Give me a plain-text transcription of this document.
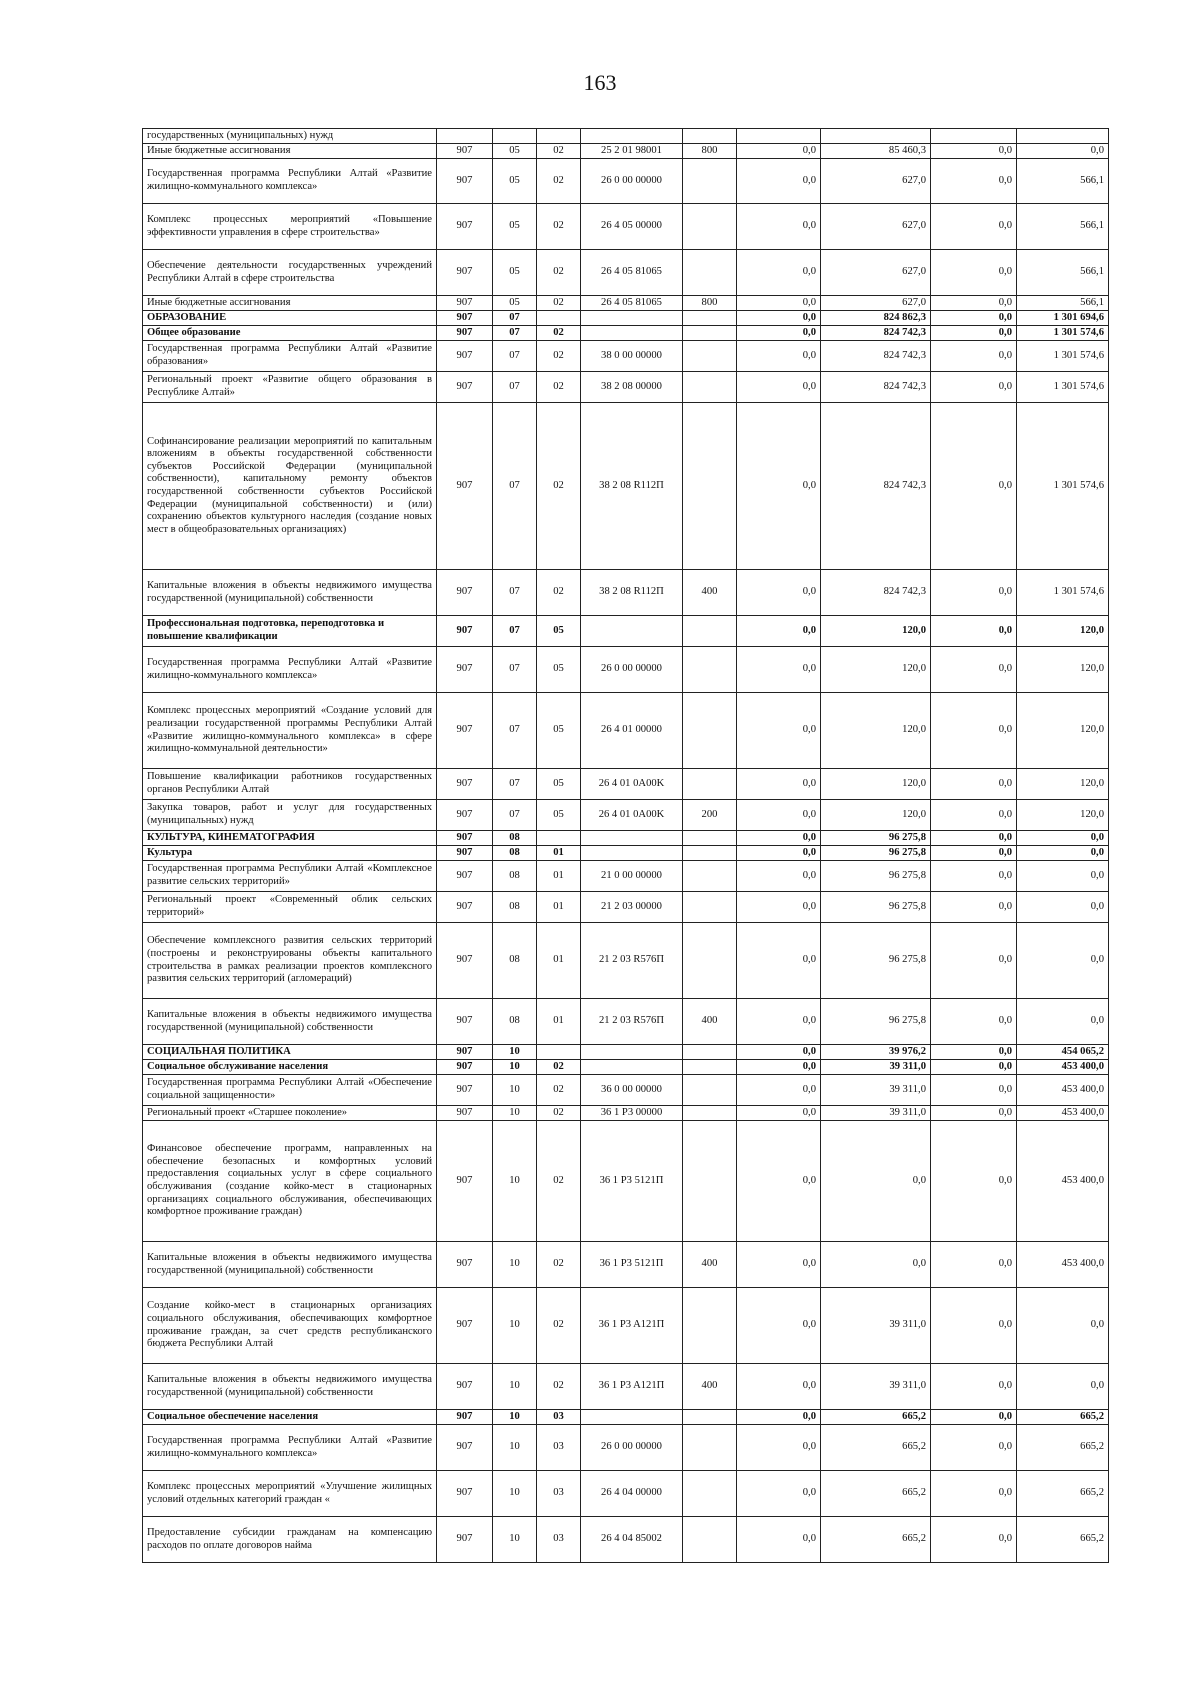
163
государственных (муниципальных) нужд									
Иные бюджетные ассигнования	907	05	02	25 2 01 98001	800	0,0	85 460,3	0,0	0,0
Государственная программа Республики Алтай «Развитие жилищно-коммунального комплекса»	907	05	02	26 0 00 00000		0,0	627,0	0,0	566,1
Комплекс процессных мероприятий «Повышение эффективности управления в сфере строительства»	907	05	02	26 4 05 00000		0,0	627,0	0,0	566,1
Обеспечение деятельности государственных учреждений Республики Алтай в сфере строительства	907	05	02	26 4 05 81065		0,0	627,0	0,0	566,1
Иные бюджетные ассигнования	907	05	02	26 4 05 81065	800	0,0	627,0	0,0	566,1
ОБРАЗОВАНИЕ	907	07				0,0	824 862,3	0,0	1 301 694,6
Общее образование	907	07	02			0,0	824 742,3	0,0	1 301 574,6
Государственная программа Республики Алтай «Развитие образования»	907	07	02	38 0 00 00000		0,0	824 742,3	0,0	1 301 574,6
Региональный проект «Развитие общего образования в Республике Алтай»	907	07	02	38 2 08 00000		0,0	824 742,3	0,0	1 301 574,6
Софинансирование реализации мероприятий по капитальным вложениям в объекты государственной собственности субъектов Российской Федерации (муниципальной собственности), капитальному ремонту объектов государственной собственности субъектов Российской Федерации (муниципальной собственности) и (или) сохранению объектов культурного наследия (создание новых мест в общеобразовательных организациях)	907	07	02	38 2 08 R112П		0,0	824 742,3	0,0	1 301 574,6
Капитальные вложения в объекты недвижимого имущества государственной (муниципальной) собственности	907	07	02	38 2 08 R112П	400	0,0	824 742,3	0,0	1 301 574,6
Профессиональная подготовка, переподготовка и повышение квалификации	907	07	05			0,0	120,0	0,0	120,0
Государственная программа Республики Алтай «Развитие жилищно-коммунального комплекса»	907	07	05	26 0 00 00000		0,0	120,0	0,0	120,0
Комплекс процессных мероприятий «Создание условий для реализации государственной программы Республики Алтай «Развитие жилищно-коммунального комплекса» в сфере жилищно-коммунальной деятельности»	907	07	05	26 4 01 00000		0,0	120,0	0,0	120,0
Повышение квалификации работников государственных органов Республики Алтай	907	07	05	26 4 01 0A00K		0,0	120,0	0,0	120,0
Закупка товаров, работ и услуг для государственных (муниципальных) нужд	907	07	05	26 4 01 0A00K	200	0,0	120,0	0,0	120,0
КУЛЬТУРА, КИНЕМАТОГРАФИЯ	907	08				0,0	96 275,8	0,0	0,0
Культура	907	08	01			0,0	96 275,8	0,0	0,0
Государственная программа Республики Алтай «Комплексное развитие сельских территорий»	907	08	01	21 0 00 00000		0,0	96 275,8	0,0	0,0
Региональный проект «Современный облик сельских территорий»	907	08	01	21 2 03 00000		0,0	96 275,8	0,0	0,0
Обеспечение комплексного развития сельских территорий (построены и реконструированы объекты капитального строительства в рамках реализации проектов комплексного развития сельских территорий (агломераций)	907	08	01	21 2 03 R576П		0,0	96 275,8	0,0	0,0
Капитальные вложения в объекты недвижимого имущества государственной (муниципальной) собственности	907	08	01	21 2 03 R576П	400	0,0	96 275,8	0,0	0,0
СОЦИАЛЬНАЯ ПОЛИТИКА	907	10				0,0	39 976,2	0,0	454 065,2
Социальное обслуживание населения	907	10	02			0,0	39 311,0	0,0	453 400,0
Государственная программа Республики Алтай «Обеспечение социальной защищенности»	907	10	02	36 0 00 00000		0,0	39 311,0	0,0	453 400,0
Региональный проект «Старшее поколение»	907	10	02	36 1 P3 00000		0,0	39 311,0	0,0	453 400,0
Финансовое обеспечение программ, направленных на обеспечение безопасных и комфортных условий предоставления социальных услуг в сфере социального обслуживания (создание койко-мест в стационарных организациях социального обслуживания, обеспечивающих комфортное проживание граждан)	907	10	02	36 1 P3 5121П		0,0	0,0	0,0	453 400,0
Капитальные вложения в объекты недвижимого имущества государственной (муниципальной) собственности	907	10	02	36 1 P3 5121П	400	0,0	0,0	0,0	453 400,0
Создание койко-мест в стационарных организациях социального обслуживания, обеспечивающих комфортное проживание граждан, за счет средств республиканского бюджета Республики Алтай	907	10	02	36 1 P3 A121П		0,0	39 311,0	0,0	0,0
Капитальные вложения в объекты недвижимого имущества государственной (муниципальной) собственности	907	10	02	36 1 P3 A121П	400	0,0	39 311,0	0,0	0,0
Социальное обеспечение населения	907	10	03			0,0	665,2	0,0	665,2
Государственная программа Республики Алтай «Развитие жилищно-коммунального комплекса»	907	10	03	26 0 00 00000		0,0	665,2	0,0	665,2
Комплекс процессных мероприятий «Улучшение жилищных условий отдельных категорий граждан «	907	10	03	26 4 04 00000		0,0	665,2	0,0	665,2
Предоставление субсидии гражданам на компенсацию расходов по оплате договоров найма	907	10	03	26 4 04 85002		0,0	665,2	0,0	665,2
